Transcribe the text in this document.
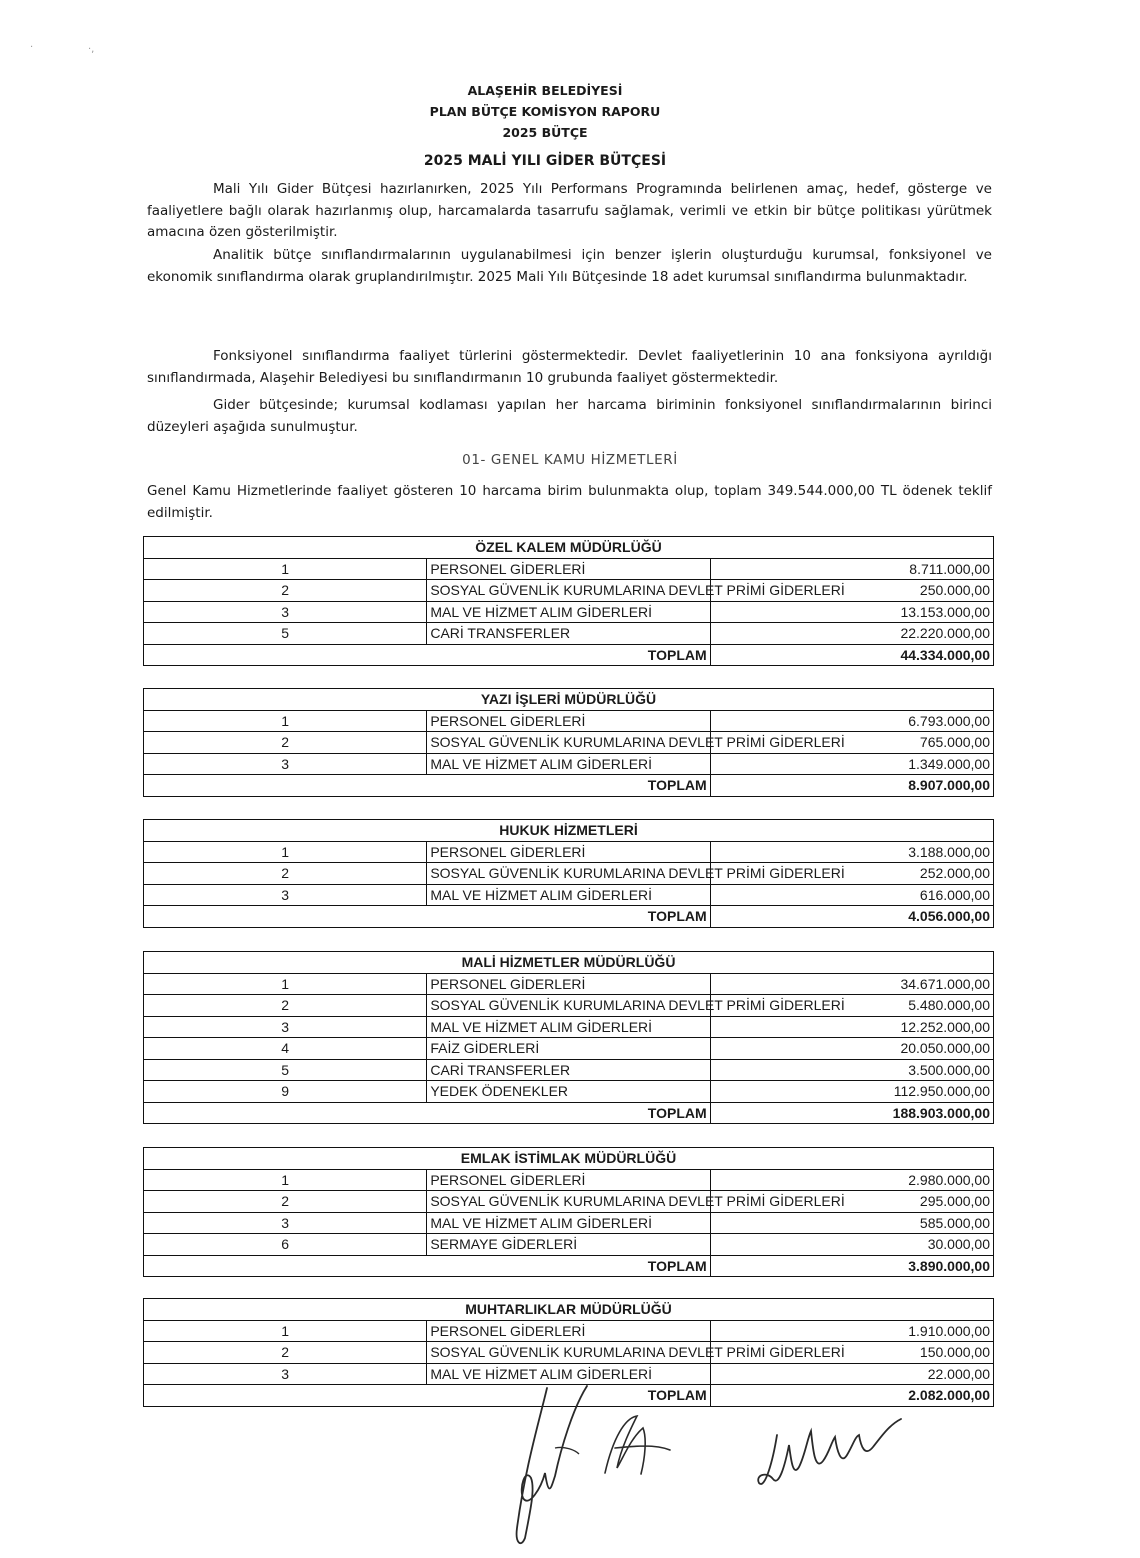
·	·,
ALAŞEHİR BELEDİYESİ
PLAN BÜTÇE KOMİSYON RAPORU
2025 BÜTÇE
2025 MALİ YILI GİDER BÜTÇESİ
Mali Yılı Gider Bütçesi hazırlanırken, 2025 Yılı Performans Programında belirlenen amaç, hedef, gösterge ve faaliyetlere bağlı olarak hazırlanmış olup, harcamalarda tasarrufu sağlamak, verimli ve etkin bir bütçe politikası yürütmek amacına özen gösterilmiştir.
Analitik bütçe sınıflandırmalarının uygulanabilmesi için benzer işlerin oluşturduğu kurumsal, fonksiyonel ve ekonomik sınıflandırma olarak gruplandırılmıştır. 2025 Mali Yılı Bütçesinde 18 adet kurumsal sınıflandırma bulunmaktadır.
Fonksiyonel sınıflandırma faaliyet türlerini göstermektedir. Devlet faaliyetlerinin 10 ana fonksiyona ayrıldığı sınıflandırmada, Alaşehir Belediyesi bu sınıflandırmanın 10 grubunda faaliyet göstermektedir.
Gider bütçesinde; kurumsal kodlaması yapılan her harcama biriminin fonksiyonel sınıflandırmalarının birinci düzeyleri aşağıda sunulmuştur.
01- GENEL KAMU HİZMETLERİ
Genel Kamu Hizmetlerinde faaliyet gösteren 10 harcama birim bulunmakta olup, toplam 349.544.000,00 TL ödenek teklif edilmiştir.
ÖZEL KALEM MÜDÜRLÜĞÜ		
1	PERSONEL GİDERLERİ	8.711.000,00
2	SOSYAL GÜVENLİK KURUMLARINA DEVLET PRİMİ GİDERLERİ	250.000,00
3	MAL VE HİZMET ALIM GİDERLERİ	13.153.000,00
5	CARİ TRANSFERLER	22.220.000,00
TOPLAM		44.334.000,00
YAZI İŞLERİ MÜDÜRLÜĞÜ		
1	PERSONEL GİDERLERİ	6.793.000,00
2	SOSYAL GÜVENLİK KURUMLARINA DEVLET PRİMİ GİDERLERİ	765.000,00
3	MAL VE HİZMET ALIM GİDERLERİ	1.349.000,00
TOPLAM		8.907.000,00
HUKUK HİZMETLERİ		
1	PERSONEL GİDERLERİ	3.188.000,00
2	SOSYAL GÜVENLİK KURUMLARINA DEVLET PRİMİ GİDERLERİ	252.000,00
3	MAL VE HİZMET ALIM GİDERLERİ	616.000,00
TOPLAM		4.056.000,00
MALİ HİZMETLER MÜDÜRLÜĞÜ		
1	PERSONEL GİDERLERİ	34.671.000,00
2	SOSYAL GÜVENLİK KURUMLARINA DEVLET PRİMİ GİDERLERİ	5.480.000,00
3	MAL VE HİZMET ALIM GİDERLERİ	12.252.000,00
4	FAİZ GİDERLERİ	20.050.000,00
5	CARİ TRANSFERLER	3.500.000,00
9	YEDEK ÖDENEKLER	112.950.000,00
TOPLAM		188.903.000,00
EMLAK İSTİMLAK MÜDÜRLÜĞÜ		
1	PERSONEL GİDERLERİ	2.980.000,00
2	SOSYAL GÜVENLİK KURUMLARINA DEVLET PRİMİ GİDERLERİ	295.000,00
3	MAL VE HİZMET ALIM GİDERLERİ	585.000,00
6	SERMAYE GİDERLERİ	30.000,00
TOPLAM		3.890.000,00
MUHTARLIKLAR MÜDÜRLÜĞÜ		
1	PERSONEL GİDERLERİ	1.910.000,00
2	SOSYAL GÜVENLİK KURUMLARINA DEVLET PRİMİ GİDERLERİ	150.000,00
3	MAL VE HİZMET ALIM GİDERLERİ	22.000,00
TOPLAM		2.082.000,00
